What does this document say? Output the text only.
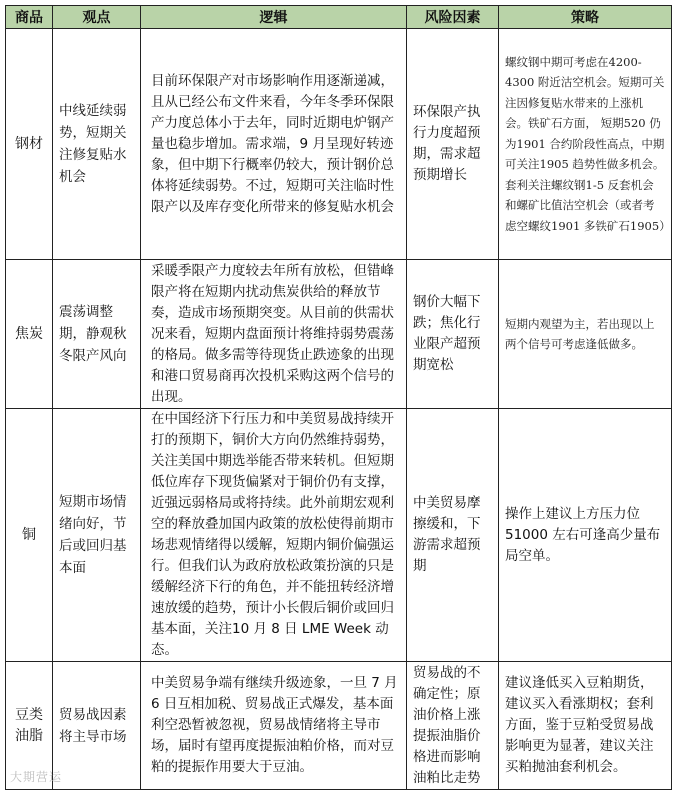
商品	观点	逻辑	风险因素	策略
钢材	中线延续弱势，短期关注修复贴水机会	目前环保限产对市场影响作用逐渐递减，且从已经公布文件来看，今年冬季环保限产力度总体小于去年，同时近期电炉钢产量也稳步增加。需求端，9 月呈现好转迹象，但中期下行概率仍较大，预计钢价总体将延续弱势。不过，短期可关注临时性限产以及库存变化所带来的修复贴水机会	环保限产执行力度超预期，需求超预期增长	螺纹钢中期可考虑在4200-4300 附近沽空机会。短期可关注因修复贴水带来的上涨机会。铁矿石方面， 短期520 仍为1901 合约阶段性高点，中期可关注1905 趋势性做多机会。套利关注螺纹钢1-5 反套机会和螺矿比值沽空机会（或者考虑空螺纹1901 多铁矿石1905）
焦炭	震荡调整期，静观秋冬限产风向	采暖季限产力度较去年所有放松，但错峰限产将在短期内扰动焦炭供给的释放节奏，造成市场预期突变。从目前的供需状况来看，短期内盘面预计将维持弱势震荡的格局。做多需等待现货止跌迹象的出现和港口贸易商再次投机采购这两个信号的出现。	钢价大幅下跌；焦化行业限产超预期宽松	短期内观望为主，若出现以上两个信号可考虑逢低做多。
铜	短期市场情绪向好，节后或回归基本面	在中国经济下行压力和中美贸易战持续开打的预期下，铜价大方向仍然维持弱势，关注美国中期选举能否带来转机。但短期低位库存下现货偏紧对于铜价仍有支撑，近强远弱格局或将持续。此外前期宏观利空的释放叠加国内政策的放松使得前期市场悲观情绪得以缓解，短期内铜价偏强运行。但我们认为政府放松政策扮演的只是缓解经济下行的角色，并不能扭转经济增速放缓的趋势，预计小长假后铜价或回归基本面，关注10 月 8 日 LME Week 动态。	中美贸易摩擦缓和，下游需求超预期	操作上建议上方压力位51000 左右可逢高少量布局空单。
豆类油脂	贸易战因素将主导市场	中美贸易争端有继续升级迹象，一旦 7 月 6 日互相加税、贸易战正式爆发，基本面利空恐暂被忽视，贸易战情绪将主导市场，届时有望再度提振油粕价格，而对豆粕的提振作用要大于豆油。	贸易战的不确定性；原油价格上涨提振油脂价格进而影响油粕比走势	建议逢低买入豆粕期货，建议买入看涨期权；套利方面，鉴于豆粕受贸易战影响更为显著，建议关注买粕抛油套利机会。
大期营运
